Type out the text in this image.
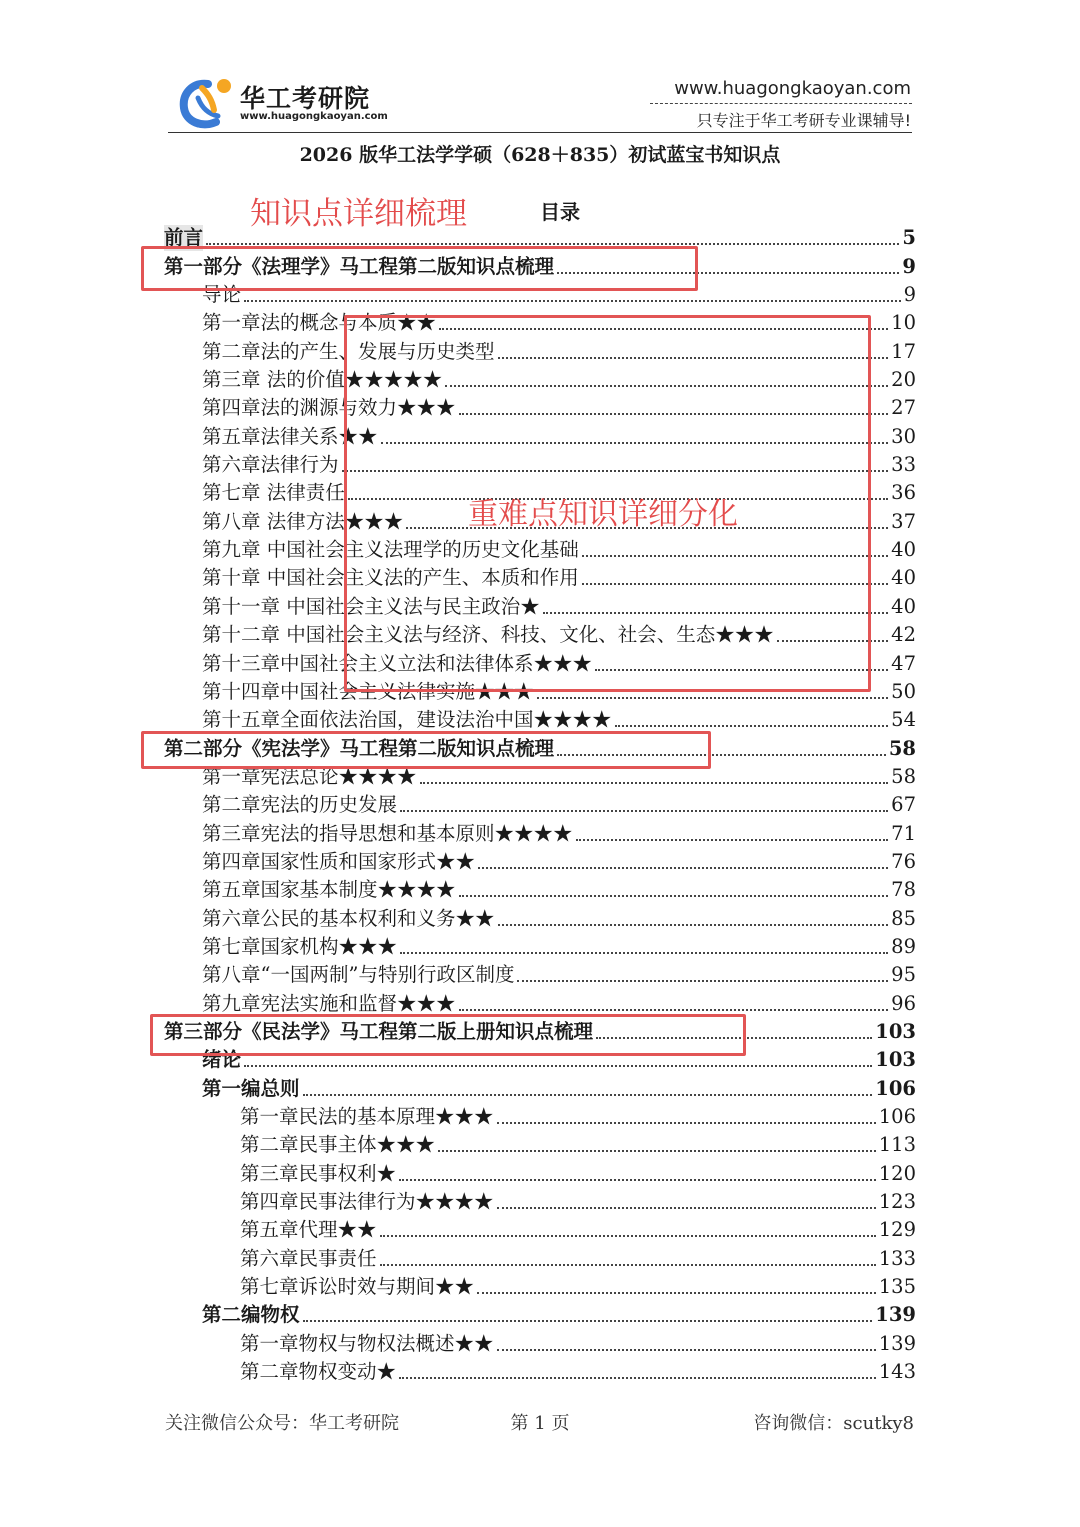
华工考研院
www.huagongkaoyan.com
www.huagongkaoyan.com
只专注于华工考研专业课辅导!
2026 版华工法学学硕（628＋835）初试蓝宝书知识点
知识点详细梳理	目录
前言	5
第一部分《法理学》马工程第二版知识点梳理	9
导论	9
第一章法的概念与本质★★	10
第二章法的产生、发展与历史类型	17
第三章 法的价值★★★★★	20
第四章法的渊源与效力★★★	27
第五章法律关系★★	30
第六章法律行为	33
第七章 法律责任	36
第八章 法律方法★★★	37
第九章 中国社会主义法理学的历史文化基础	40
第十章 中国社会主义法的产生、本质和作用	40
第十一章 中国社会主义法与民主政治★	40
第十二章 中国社会主义法与经济、科技、文化、社会、生态★★★	42
第十三章中国社会主义立法和法律体系★★★	47
第十四章中国社会主义法律实施★★★	50
第十五章全面依法治国，建设法治中国★★★★	54
第二部分《宪法学》马工程第二版知识点梳理	58
第一章宪法总论★★★★	58
第二章宪法的历史发展	67
第三章宪法的指导思想和基本原则★★★★	71
第四章国家性质和国家形式★★	76
第五章国家基本制度★★★★	78
第六章公民的基本权利和义务★★	85
第七章国家机构★★★	89
第八章“一国两制”与特别行政区制度	95
第九章宪法实施和监督★★★	96
第三部分《民法学》马工程第二版上册知识点梳理	103
绪论	103
第一编总则	106
第一章民法的基本原理★★★	106
第二章民事主体★★★	113
第三章民事权利★	120
第四章民事法律行为★★★★	123
第五章代理★★	129
第六章民事责任	133
第七章诉讼时效与期间★★	135
第二编物权	139
第一章物权与物权法概述★★	139
第二章物权变动★	143
重难点知识详细分化
关注微信公众号：华工考研院	第 1 页	咨询微信：scutky8
